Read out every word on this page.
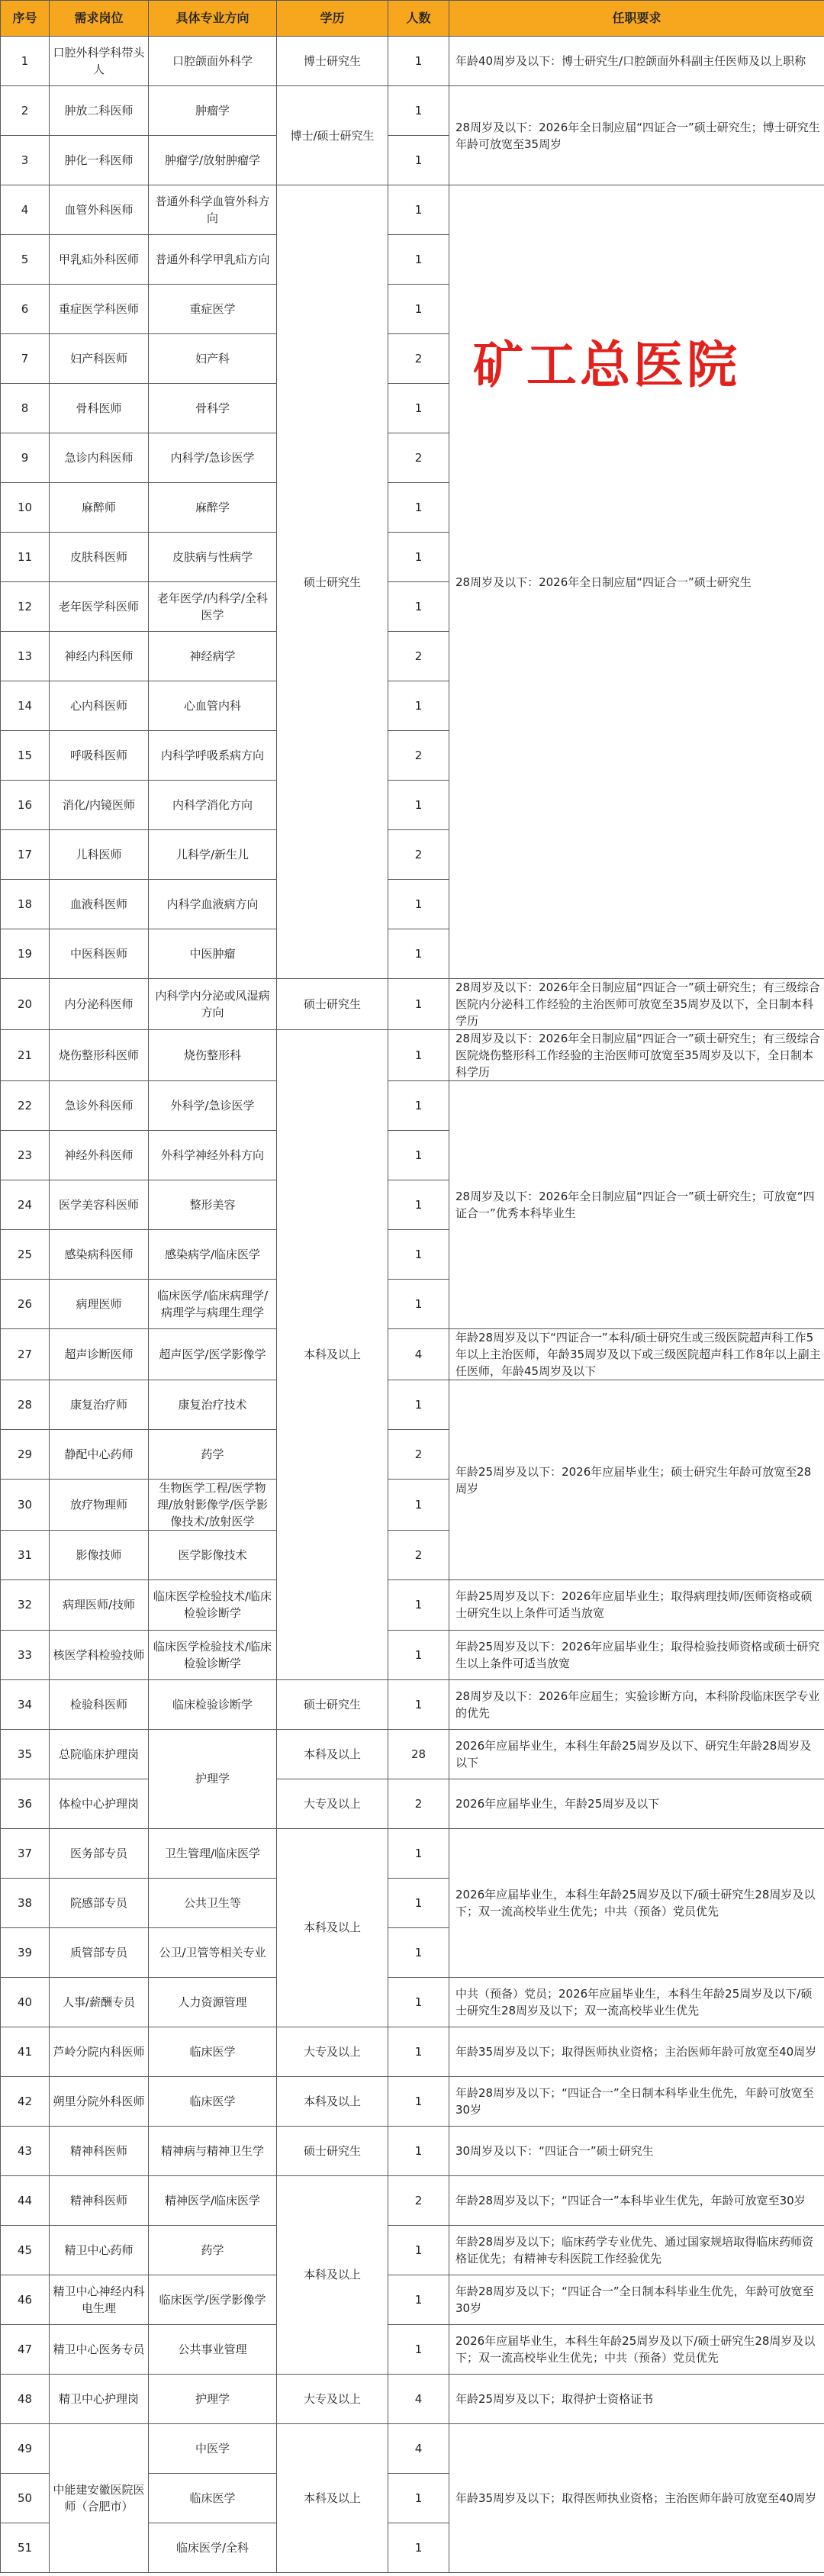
序号	需求岗位	具体专业方向	学历	人数	任职要求
1	口腔外科学科带头人	口腔颌面外科学	博士研究生	1	年龄40周岁及以下：博士研究生/口腔颌面外科副主任医师及以上职称
2	肿放二科医师	肿瘤学	博士/硕士研究生	1	28周岁及以下：2026年全日制应届“四证合一”硕士研究生；博士研究生年龄可放宽至35周岁
3	肿化一科医师	肿瘤学/放射肿瘤学		1	
4	血管外科医师	普通外科学血管外科方向	硕士研究生	1	28周岁及以下：2026年全日制应届“四证合一”硕士研究生
5	甲乳疝外科医师	普通外科学甲乳疝方向		1	
6	重症医学科医师	重症医学		1	
7	妇产科医师	妇产科		2	
8	骨科医师	骨科学		1	
9	急诊内科医师	内科学/急诊医学		2	
10	麻醉师	麻醉学		1	
11	皮肤科医师	皮肤病与性病学		1	
12	老年医学科医师	老年医学/内科学/全科医学		1	
13	神经内科医师	神经病学		2	
14	心内科医师	心血管内科		1	
15	呼吸科医师	内科学呼吸系病方向		2	
16	消化/内镜医师	内科学消化方向		1	
17	儿科医师	儿科学/新生儿		2	
18	血液科医师	内科学血液病方向		1	
19	中医科医师	中医肿瘤		1	
20	内分泌科医师	内科学内分泌或风湿病方向	硕士研究生	1	28周岁及以下：2026年全日制应届“四证合一”硕士研究生；有三级综合医院内分泌科工作经验的主治医师可放宽至35周岁及以下，全日制本科学历
21	烧伤整形科医师	烧伤整形科	本科及以上	1	28周岁及以下：2026年全日制应届“四证合一”硕士研究生；有三级综合医院烧伤整形科工作经验的主治医师可放宽至35周岁及以下，全日制本科学历
22	急诊外科医师	外科学/急诊医学		1	28周岁及以下：2026年全日制应届“四证合一”硕士研究生；可放宽“四证合一”优秀本科毕业生
23	神经外科医师	外科学神经外科方向		1	
24	医学美容科医师	整形美容		1	
25	感染病科医师	感染病学/临床医学		1	
26	病理医师	临床医学/临床病理学/病理学与病理生理学		1	
27	超声诊断医师	超声医学/医学影像学		4	年龄28周岁及以下“四证合一”本科/硕士研究生或三级医院超声科工作5年以上主治医师，年龄35周岁及以下或三级医院超声科工作8年以上副主任医师，年龄45周岁及以下
28	康复治疗师	康复治疗技术		1	年龄25周岁及以下：2026年应届毕业生；硕士研究生年龄可放宽至28周岁
29	静配中心药师	药学		2	
30	放疗物理师	生物医学工程/医学物理/放射影像学/医学影像技术/放射医学		1	
31	影像技师	医学影像技术		2	
32	病理医师/技师	临床医学检验技术/临床检验诊断学		1	年龄25周岁及以下：2026年应届毕业生；取得病理技师/医师资格或硕士研究生以上条件可适当放宽
33	核医学科检验技师	临床医学检验技术/临床检验诊断学		1	年龄25周岁及以下：2026年应届毕业生；取得检验技师资格或硕士研究生以上条件可适当放宽
34	检验科医师	临床检验诊断学	硕士研究生	1	28周岁及以下：2026年应届生；实验诊断方向，本科阶段临床医学专业的优先
35	总院临床护理岗	护理学	本科及以上	28	2026年应届毕业生，本科生年龄25周岁及以下、研究生年龄28周岁及以下
36	体检中心护理岗		大专及以上	2	2026年应届毕业生，年龄25周岁及以下
37	医务部专员	卫生管理/临床医学	本科及以上	1	2026年应届毕业生，本科生年龄25周岁及以下/硕士研究生28周岁及以下；双一流高校毕业生优先；中共（预备）党员优先
38	院感部专员	公共卫生等		1	
39	质管部专员	公卫/卫管等相关专业		1	
40	人事/薪酬专员	人力资源管理		1	中共（预备）党员；2026年应届毕业生，本科生年龄25周岁及以下/硕士研究生28周岁及以下；双一流高校毕业生优先
41	芦岭分院内科医师	临床医学	大专及以上	1	年龄35周岁及以下；取得医师执业资格；主治医师年龄可放宽至40周岁
42	朔里分院外科医师	临床医学	本科及以上	1	年龄28周岁及以下；“四证合一”全日制本科毕业生优先，年龄可放宽至30岁
43	精神科医师	精神病与精神卫生学	硕士研究生	1	30周岁及以下：“四证合一”硕士研究生
44	精神科医师	精神医学/临床医学	本科及以上	2	年龄28周岁及以下；“四证合一”本科毕业生优先，年龄可放宽至30岁
45	精卫中心药师	药学		1	年龄28周岁及以下；临床药学专业优先、通过国家规培取得临床药师资格证优先；有精神专科医院工作经验优先
46	精卫中心神经内科电生理	临床医学/医学影像学		1	年龄28周岁及以下；“四证合一”全日制本科毕业生优先，年龄可放宽至30岁
47	精卫中心医务专员	公共事业管理		1	2026年应届毕业生，本科生年龄25周岁及以下/硕士研究生28周岁及以下；双一流高校毕业生优先；中共（预备）党员优先
48	精卫中心护理岗	护理学	大专及以上	4	年龄25周岁及以下；取得护士资格证书
49	中能建安徽医院医师（合肥市）	中医学	本科及以上	4	年龄35周岁及以下；取得医师执业资格；主治医师年龄可放宽至40周岁
50		临床医学		1	
51		临床医学/全科		1	
矿工总医院
